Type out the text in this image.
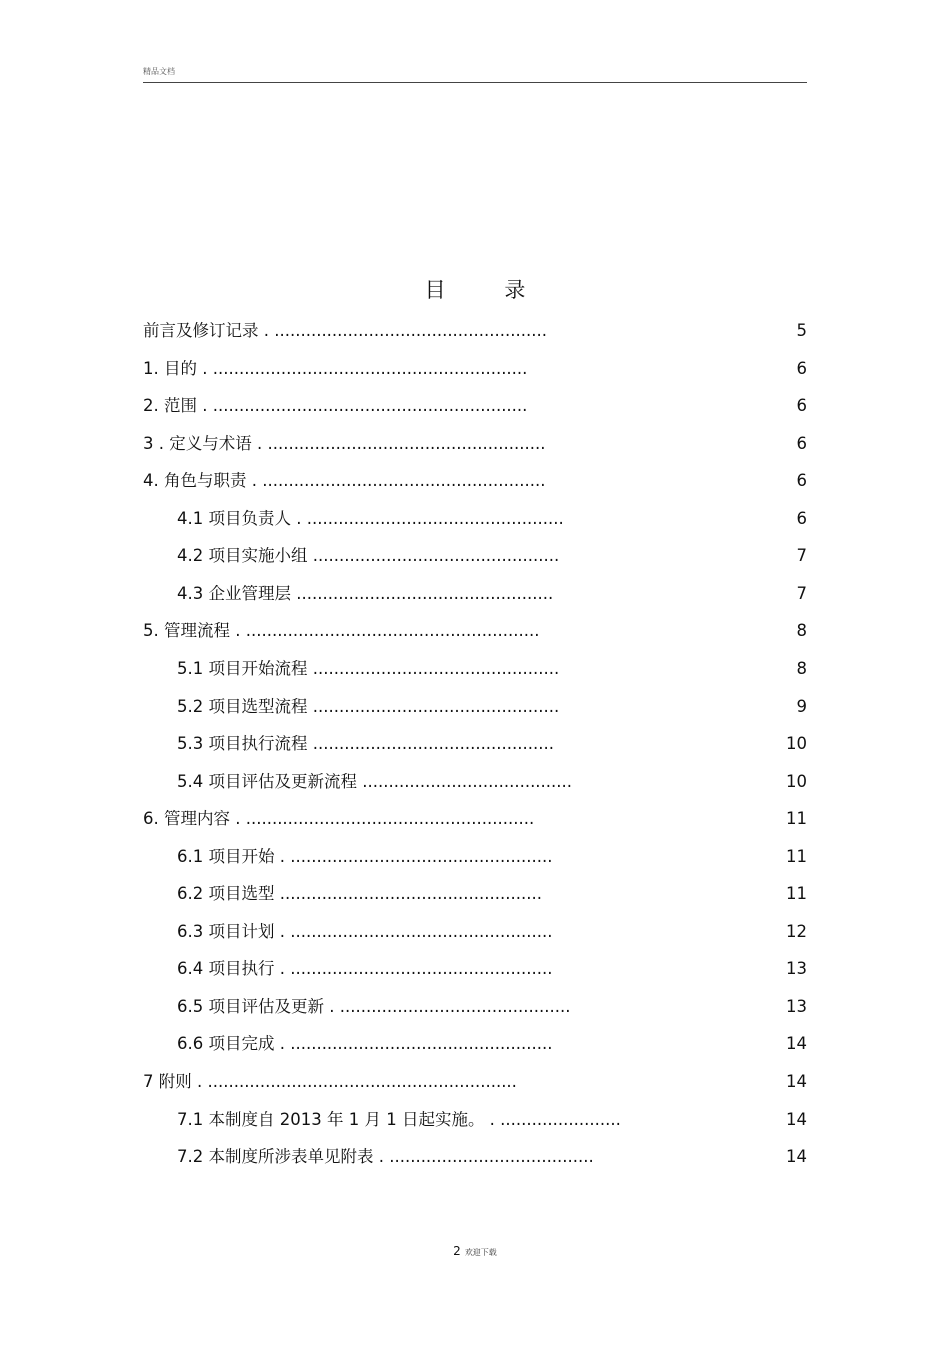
精品文档
目 录
前言及修订记录 . ....................................................	5
1. 目的 . ............................................................	6
2. 范围 . ............................................................	6
3 . 定义与术语 . .....................................................	6
4. 角色与职责 . ......................................................	6
4.1 项目负责人 . .................................................	6
4.2 项目实施小组 ...............................................	7
4.3 企业管理层 .................................................	7
5. 管理流程 . ........................................................	8
5.1 项目开始流程 ...............................................	8
5.2 项目选型流程 ...............................................	9
5.3 项目执行流程 ..............................................	10
5.4 项目评估及更新流程 ........................................	10
6. 管理内容 . .......................................................	11
6.1 项目开始 . ..................................................	11
6.2 项目选型 ..................................................	11
6.3 项目计划 . ..................................................	12
6.4 项目执行 . ..................................................	13
6.5 项目评估及更新 . ............................................	13
6.6 项目完成 . ..................................................	14
7 附则 . ...........................................................	14
7.1 本制度自 2013 年 1 月 1 日起实施。 . .......................	14
7.2 本制度所涉表单见附表 . .......................................	14
2 欢迎下载
